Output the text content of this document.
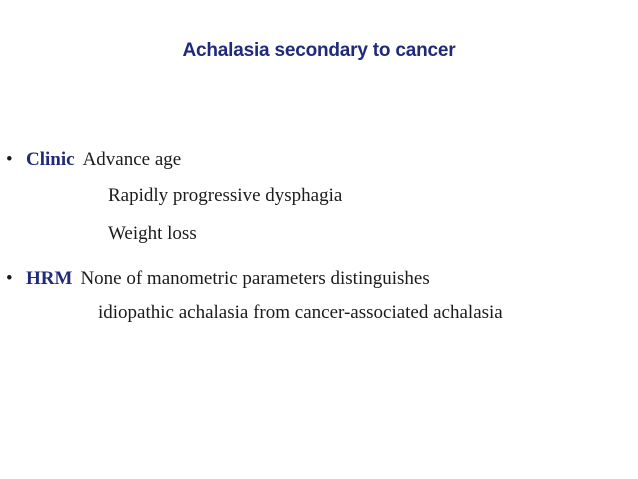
Achalasia secondary to cancer
• Clinic Advance age
Rapidly progressive dysphagia
Weight loss
• HRM None of manometric parameters distinguishes
idiopathic achalasia from cancer-associated achalasia
